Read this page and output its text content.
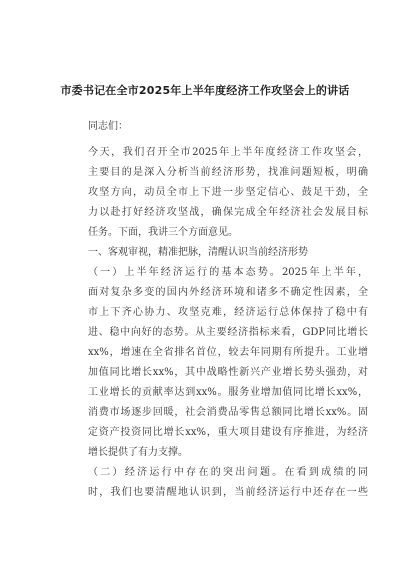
市委书记在全市2025年上半年度经济工作攻坚会上的讲话
同志们：
今天，我们召开全市2025年上半年度经济工作攻坚会，
主要目的是深入分析当前经济形势，找准问题短板，明确
攻坚方向，动员全市上下进一步坚定信心、鼓足干劲，全
力以赴打好经济攻坚战，确保完成全年经济社会发展目标
任务。下面，我讲三个方面意见。
一、客观审视，精准把脉，清醒认识当前经济形势
（一）上半年经济运行的基本态势。2025年上半年，
面对复杂多变的国内外经济环境和诸多不确定性因素，全
市上下齐心协力、攻坚克难，经济运行总体保持了稳中有
进、稳中向好的态势。从主要经济指标来看，GDP同比增长
xx%，增速在全省排名首位，较去年同期有所提升。工业增
加值同比增长xx%，其中战略性新兴产业增长势头强劲，对
工业增长的贡献率达到xx%。服务业增加值同比增长xx%，
消费市场逐步回暖，社会消费品零售总额同比增长xx%。固
定资产投资同比增长xx%，重大项目建设有序推进，为经济
增长提供了有力支撑。
（二）经济运行中存在的突出问题。在看到成绩的同
时，我们也要清醒地认识到，当前经济运行中还存在一些
